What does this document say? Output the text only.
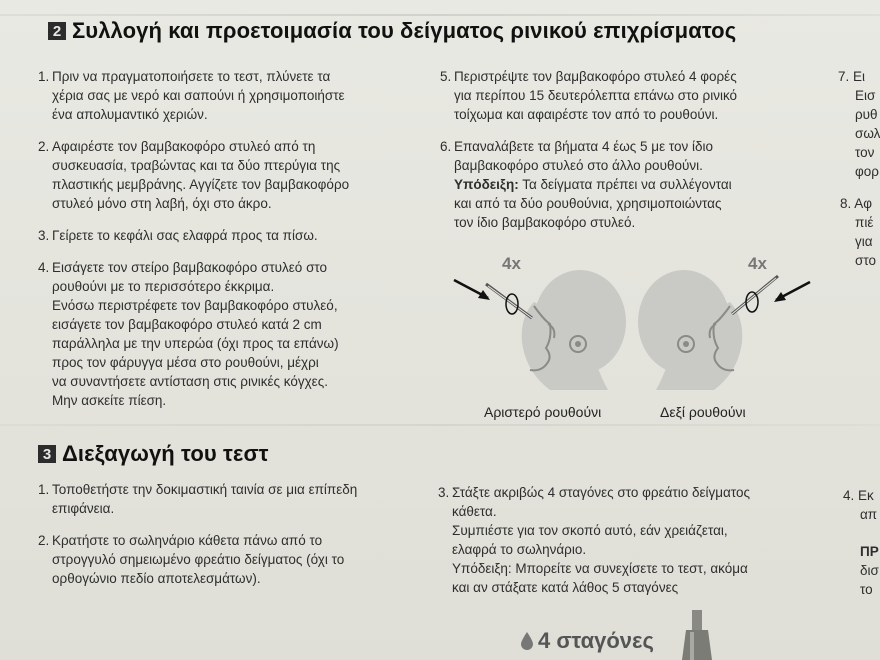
2 Συλλογή και προετοιμασία του δείγματος ρινικού επιχρίσματος
1. Πριν να πραγματοποιήσετε το τεστ, πλύνετε τα
χέρια σας με νερό και σαπούνι ή χρησιμοποιήστε
ένα απολυμαντικό χεριών.
2. Αφαιρέστε τον βαμβακοφόρο στυλεό από τη
συσκευασία, τραβώντας και τα δύο πτερύγια της
πλαστικής μεμβράνης. Αγγίζετε τον βαμβακοφόρο
στυλεό μόνο στη λαβή, όχι στο άκρο.
3. Γείρετε το κεφάλι σας ελαφρά προς τα πίσω.
4. Εισάγετε τον στείρο βαμβακοφόρο στυλεό στο
ρουθούνι με το περισσότερο έκκριμα.
Ενόσω περιστρέφετε τον βαμβακοφόρο στυλεό,
εισάγετε τον βαμβακοφόρο στυλεό κατά 2 cm
παράλληλα με την υπερώα (όχι προς τα επάνω)
προς τον φάρυγγα μέσα στο ρουθούνι, μέχρι
να συναντήσετε αντίσταση στις ρινικές κόγχες.
Μην ασκείτε πίεση.
5. Περιστρέψτε τον βαμβακοφόρο στυλεό 4 φορές
για περίπου 15 δευτερόλεπτα επάνω στο ρινικό
τοίχωμα και αφαιρέστε τον από το ρουθούνι.
6. Επαναλάβετε τα βήματα 4 έως 5 με τον ίδιο
βαμβακοφόρο στυλεό στο άλλο ρουθούνι.
Υπόδειξη: Τα δείγματα πρέπει να συλλέγονται
και από τα δύο ρουθούνια, χρησιμοποιώντας
τον ίδιο βαμβακοφόρο στυλεό.
7. Ει
Εισ
ρυθ
σωλ
τον
φορ
8. Αφ
πιέ
για
στο
4x	4x
Αριστερό ρουθούνι	Δεξί ρουθούνι
3 Διεξαγωγή του τεστ
1. Τοποθετήστε την δοκιμαστική ταινία σε μια επίπεδη
επιφάνεια.
2. Κρατήστε το σωληνάριο κάθετα πάνω από το
στρογγυλό σημειωμένο φρεάτιο δείγματος (όχι το
ορθογώνιο πεδίο αποτελεσμάτων).
3. Στάξτε ακριβώς 4 σταγόνες στο φρεάτιο δείγματος
κάθετα.
Συμπιέστε για τον σκοπό αυτό, εάν χρειάζεται,
ελαφρά το σωληνάριο.
Υπόδειξη: Μπορείτε να συνεχίσετε το τεστ, ακόμα
και αν στάξατε κατά λάθος 5 σταγόνες
4. Εκ
απ
ΠΡ
δισ
το
4 σταγόνες
